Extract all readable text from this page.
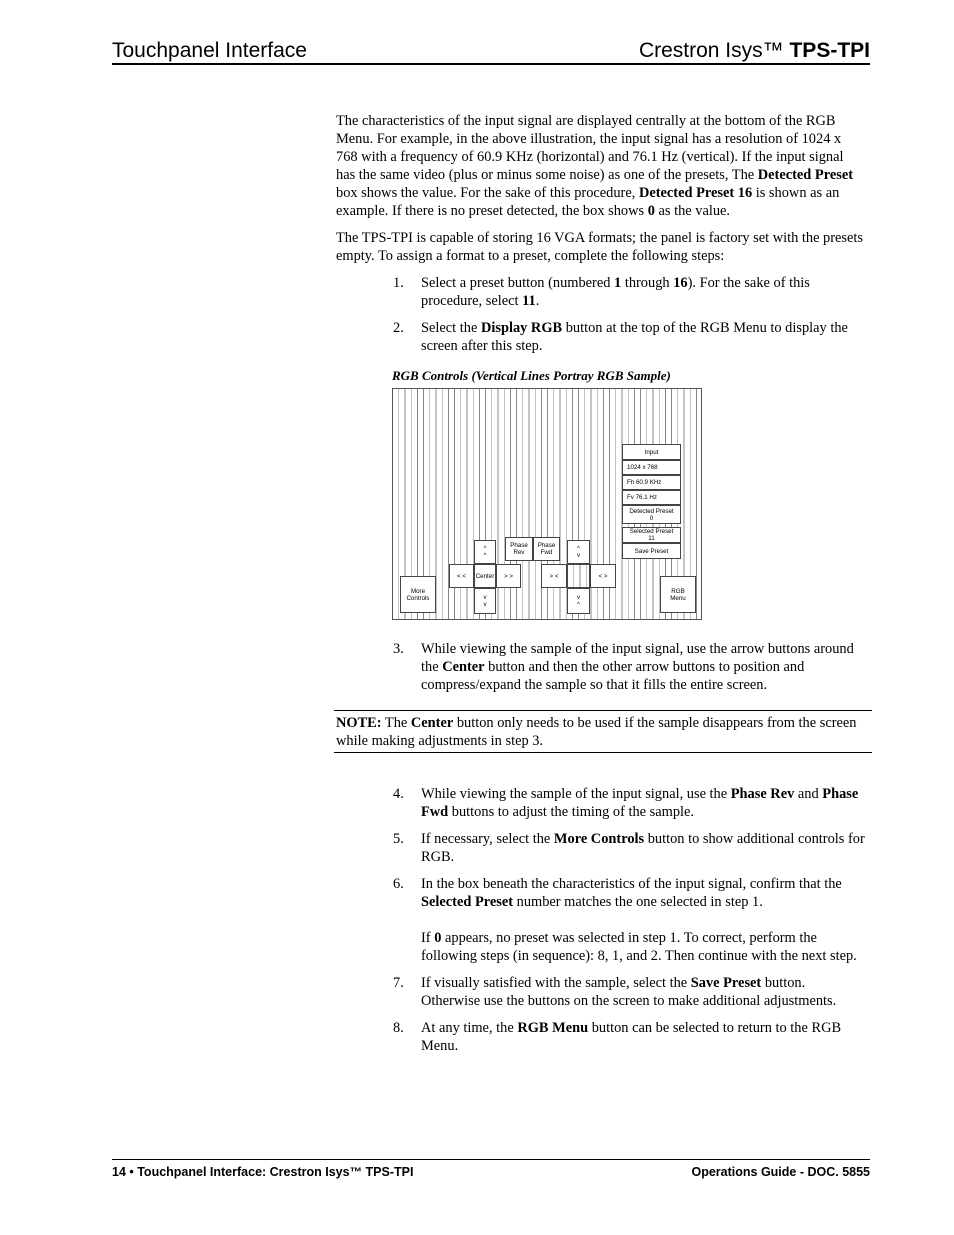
Touchpanel Interface	Crestron Isys™ TPS-TPI

The characteristics of the input signal are displayed centrally at the bottom of the RGB Menu. For example, in the above illustration, the input signal has a resolution of 1024 x 768 with a frequency of 60.9 KHz (horizontal) and 76.1 Hz (vertical). If the input signal has the same video (plus or minus some noise) as one of the presets, The Detected Preset box shows the value. For the sake of this procedure, Detected Preset 16 is shown as an example. If there is no preset detected, the box shows 0 as the value.

The TPS-TPI is capable of storing 16 VGA formats; the panel is factory set with the presets empty. To assign a format to a preset, complete the following steps:

1. Select a preset button (numbered 1 through 16). For the sake of this procedure, select 11.

2. Select the Display RGB button at the top of the RGB Menu to display the screen after this step.

RGB Controls (Vertical Lines Portray RGB Sample)
Input
1024 x 768
Fh 60.9 KHz
Fv 76.1 Hz
Detected Preset
0
Selected Preset
11
Save Preset
Phase
Rev
Phase
Fwd
^
^
< <	Center	> >
v
v
^
v
> <	< >
v
^
More
Controls
RGB
Menu
3. While viewing the sample of the input signal, use the arrow buttons around the Center button and then the other arrow buttons to position and compress/expand the sample so that it fills the entire screen.

NOTE: The Center button only needs to be used if the sample disappears from the screen while making adjustments in step 3.
4. While viewing the sample of the input signal, use the Phase Rev and Phase Fwd buttons to adjust the timing of the sample.

5. If necessary, select the More Controls button to show additional controls for RGB.

6. In the box beneath the characteristics of the input signal, confirm that the Selected Preset number matches the one selected in step 1.

If 0 appears, no preset was selected in step 1. To correct, perform the following steps (in sequence): 8, 1, and 2. Then continue with the next step.

7. If visually satisfied with the sample, select the Save Preset button. Otherwise use the buttons on the screen to make additional adjustments.

8. At any time, the RGB Menu button can be selected to return to the RGB Menu.

14 • Touchpanel Interface: Crestron Isys™ TPS-TPI	Operations Guide - DOC. 5855
